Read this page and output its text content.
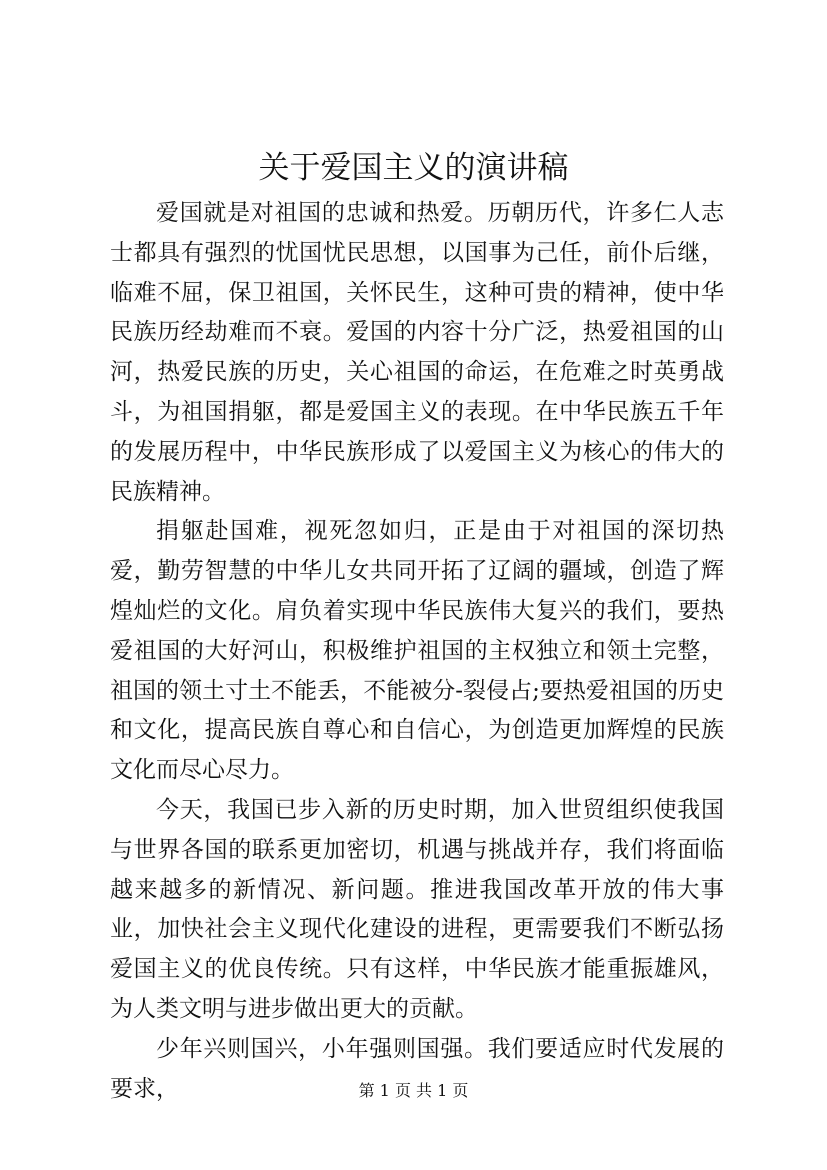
关于爱国主义的演讲稿

爱国就是对祖国的忠诚和热爱。历朝历代，许多仁人志士都具有强烈的忧国忧民思想，以国事为己任，前仆后继，临难不屈，保卫祖国，关怀民生，这种可贵的精神，使中华民族历经劫难而不衰。爱国的内容十分广泛，热爱祖国的山河，热爱民族的历史，关心祖国的命运，在危难之时英勇战斗，为祖国捐躯，都是爱国主义的表现。在中华民族五千年的发展历程中，中华民族形成了以爱国主义为核心的伟大的民族精神。

捐躯赴国难，视死忽如归，正是由于对祖国的深切热爱，勤劳智慧的中华儿女共同开拓了辽阔的疆域，创造了辉煌灿烂的文化。肩负着实现中华民族伟大复兴的我们，要热爱祖国的大好河山，积极维护祖国的主权独立和领土完整，祖国的领土寸土不能丢，不能被分-裂侵占;要热爱祖国的历史和文化，提高民族自尊心和自信心，为创造更加辉煌的民族文化而尽心尽力。

今天，我国已步入新的历史时期，加入世贸组织使我国与世界各国的联系更加密切，机遇与挑战并存，我们将面临越来越多的新情况、新问题。推进我国改革开放的伟大事业，加快社会主义现代化建设的进程，更需要我们不断弘扬爱国主义的优良传统。只有这样，中华民族才能重振雄风，为人类文明与进步做出更大的贡献。

少年兴则国兴，小年强则国强。我们要适应时代发展的要求，	第 1 页 共 1 页
